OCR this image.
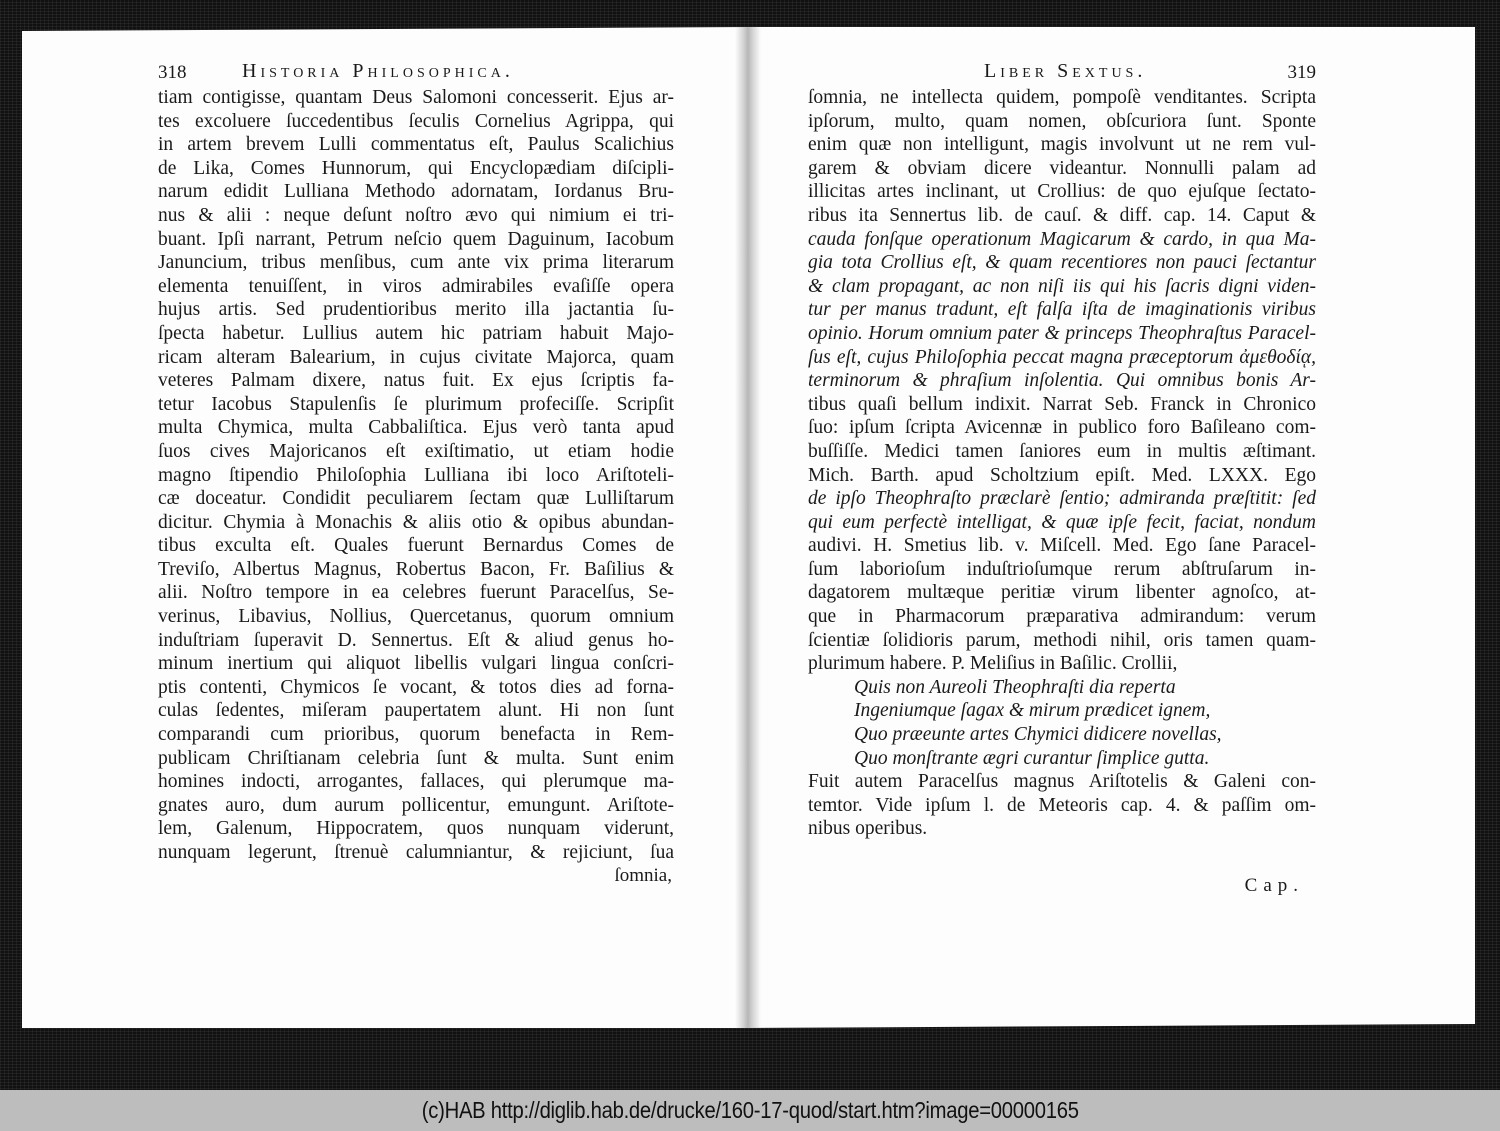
318	Historia Philosophica.
tiam contigisse, quantam Deus Salomoni concesserit. Ejus ar-
tes excoluere ſuccedentibus ſeculis Cornelius Agrippa, qui
in artem brevem Lulli commentatus eſt, Paulus Scalichius
de Lika, Comes Hunnorum, qui Encyclopædiam diſcipli-
narum edidit Lulliana Methodo adornatam, Iordanus Bru-
nus & alii : neque deſunt noſtro ævo qui nimium ei tri-
buant. Ipſi narrant, Petrum neſcio quem Daguinum, Iacobum
Januncium, tribus menſibus, cum ante vix prima literarum
elementa tenuiſſent, in viros admirabiles evaſiſſe opera
hujus artis. Sed prudentioribus merito illa jactantia ſu-
ſpecta habetur. Lullius autem hic patriam habuit Majo-
ricam alteram Balearium, in cujus civitate Majorca, quam
veteres Palmam dixere, natus fuit. Ex ejus ſcriptis fa-
tetur Iacobus Stapulenſis ſe plurimum profeciſſe. Scripſit
multa Chymica, multa Cabbaliſtica. Ejus verò tanta apud
ſuos cives Majoricanos eſt exiſtimatio, ut etiam hodie
magno ſtipendio Philoſophia Lulliana ibi loco Ariſtoteli-
cæ doceatur. Condidit peculiarem ſectam quæ Lulliſtarum
dicitur. Chymia à Monachis & aliis otio & opibus abundan-
tibus exculta eſt. Quales fuerunt Bernardus Comes de
Treviſo, Albertus Magnus, Robertus Bacon, Fr. Baſilius &
alii. Noſtro tempore in ea celebres fuerunt Paracelſus, Se-
verinus, Libavius, Nollius, Quercetanus, quorum omnium
induſtriam ſuperavit D. Sennertus. Eſt & aliud genus ho-
minum inertium qui aliquot libellis vulgari lingua conſcri-
ptis contenti, Chymicos ſe vocant, & totos dies ad forna-
culas ſedentes, miſeram paupertatem alunt. Hi non ſunt
comparandi cum prioribus, quorum benefacta in Rem-
publicam Chriſtianam celebria ſunt & multa. Sunt enim
homines indocti, arrogantes, fallaces, qui plerumque ma-
gnates auro, dum aurum pollicentur, emungunt. Ariſtote-
lem, Galenum, Hippocratem, quos nunquam viderunt,
nunquam legerunt, ſtrenuè calumniantur, & rejiciunt, ſua
ſomnia,
Liber Sextus.	319
ſomnia, ne intellecta quidem, pompoſè venditantes. Scripta
ipſorum, multo, quam nomen, obſcuriora ſunt. Sponte
enim quæ non intelligunt, magis involvunt ut ne rem vul-
garem & obviam dicere videantur. Nonnulli palam ad
illicitas artes inclinant, ut Crollius: de quo ejuſque ſectato-
ribus ita Sennertus lib. de cauſ. & diff. cap. 14. Caput &
cauda fonſque operationum Magicarum & cardo, in qua Ma-
gia tota Crollius eſt, & quam recentiores non pauci ſectantur
& clam propagant, ac non niſi iis qui his ſacris digni viden-
tur per manus tradunt, eſt falſa iſta de imaginationis viribus
opinio. Horum omnium pater & princeps Theophraſtus Paracel-
ſus eſt, cujus Philoſophia peccat magna præceptorum ἀμεθοδίᾳ,
terminorum & phraſium inſolentia. Qui omnibus bonis Ar-
tibus quaſi bellum indixit. Narrat Seb. Franck in Chronico
ſuo: ipſum ſcripta Avicennæ in publico foro Baſileano com-
buſſiſſe. Medici tamen ſaniores eum in multis æſtimant.
Mich. Barth. apud Scholtzium epiſt. Med. LXXX. Ego
de ipſo Theophraſto præclarè ſentio; admiranda præſtitit: ſed
qui eum perfectè intelligat, & quæ ipſe fecit, faciat, nondum
audivi. H. Smetius lib. v. Miſcell. Med. Ego ſane Paracel-
ſum laborioſum induſtrioſumque rerum abſtruſarum in-
dagatorem multæque peritiæ virum libenter agnoſco, at-
que in Pharmacorum præparativa admirandum: verum
ſcientiæ ſolidioris parum, methodi nihil, oris tamen quam-
plurimum habere. P. Meliſius in Baſilic. Crollii,
Quis non Aureoli Theophraſti dia reperta
Ingeniumque ſagax & mirum prædicet ignem,
Quo præeunte artes Chymici didicere novellas,
Quo monſtrante ægri curantur ſimplice gutta.
Fuit autem Paracelſus magnus Ariſtotelis & Galeni con-
temtor. Vide ipſum l. de Meteoris cap. 4. & paſſim om-
nibus operibus.
Cap.
(c)HAB http://diglib.hab.de/drucke/160-17-quod/start.htm?image=00000165
